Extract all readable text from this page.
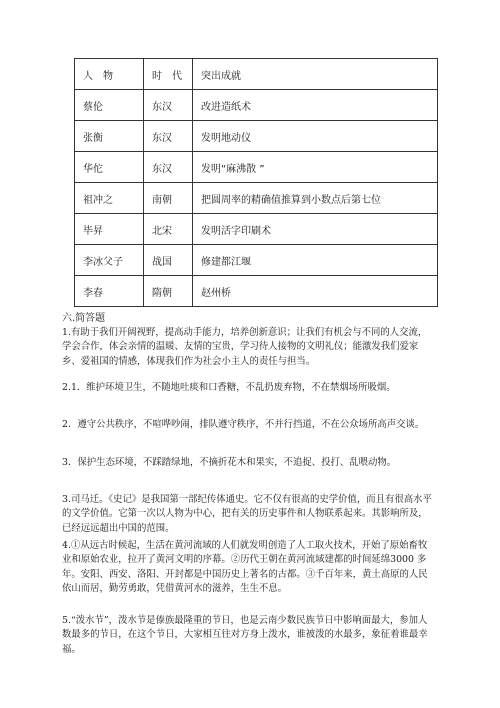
人　物	时　代	突出成就
蔡伦	东汉	改进造纸术
张衡	东汉	发明地动仪
华佗	东汉	发明“麻沸散 ”
祖冲之	南朝	把圆周率的精确值推算到小数点后第七位
毕昇	北宋	发明活字印刷术
李冰父子	战国	修建都江堰
李春	隋朝	赵州桥
六.简答题

1.有助于我们开阔视野，提高动手能力，培养创新意识；让我们有机会与不同的人交流，学会合作，体会亲情的温暖、友情的宝贵，学习待人接物的文明礼仪；能激发我们爱家乡、爱祖国的情感，体现我们作为社会小主人的责任与担当。

2.1．维护环境卫生，不随地吐痰和口香糖，不乱扔废弃物，不在禁烟场所吸烟。

2．遵守公共秩序，不喧哗吵闹，排队遵守秩序，不并行挡道，不在公众场所高声交谈。

3．保护生态环境，不踩踏绿地，不摘折花木和果实，不追捉、投打、乱喂动物。

3.司马迁。《史记》是我国第一部纪传体通史。它不仅有很高的史学价值，而且有很高水平的文学价值。它第一次以人物为中心，把有关的历史事件和人物联系起来。其影响所及，已经远远超出中国的范围。

4.①从远古时候起，生活在黄河流域的人们就发明创造了人工取火技术，开始了原始畜牧业和原始农业，拉开了黄河文明的序幕。②历代王朝在黄河流域建都的时间延绵3000 多年。安阳、西安、洛阳、开封都是中国历史上著名的古都。③千百年来，黄土高原的人民依山而居，勤劳勇敢，凭借黄河水的滋养，生生不息。

5.“泼水节”，泼水节是傣族最隆重的节日，也是云南少数民族节日中影响面最大，参加人数最多的节日，在这个节日，大家相互往对方身上泼水，谁被泼的水最多，象征着谁最幸福。
